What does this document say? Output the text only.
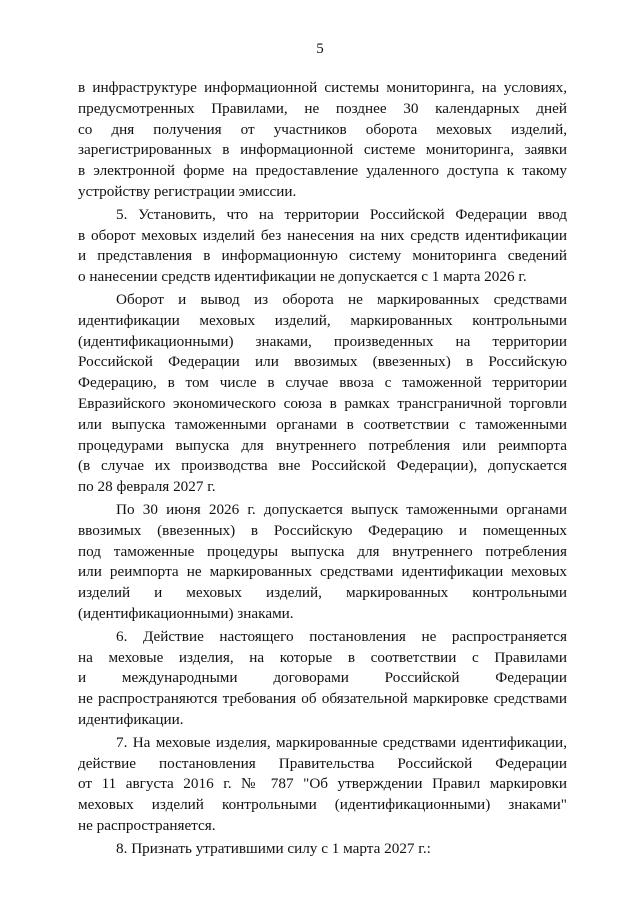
5
в инфраструктуре информационной системы мониторинга, на условиях,
предусмотренных Правилами, не позднее 30 календарных дней
со дня получения от участников оборота меховых изделий,
зарегистрированных в информационной системе мониторинга, заявки
в электронной форме на предоставление удаленного доступа к такому
устройству регистрации эмиссии.
5. Установить, что на территории Российской Федерации ввод
в оборот меховых изделий без нанесения на них средств идентификации
и представления в информационную систему мониторинга сведений
о нанесении средств идентификации не допускается с 1 марта 2026 г.
Оборот и вывод из оборота не маркированных средствами
идентификации меховых изделий, маркированных контрольными
(идентификационными) знаками, произведенных на территории
Российской Федерации или ввозимых (ввезенных) в Российскую
Федерацию, в том числе в случае ввоза с таможенной территории
Евразийского экономического союза в рамках трансграничной торговли
или выпуска таможенными органами в соответствии с таможенными
процедурами выпуска для внутреннего потребления или реимпорта
(в случае их производства вне Российской Федерации), допускается
по 28 февраля 2027 г.
По 30 июня 2026 г. допускается выпуск таможенными органами
ввозимых (ввезенных) в Российскую Федерацию и помещенных
под таможенные процедуры выпуска для внутреннего потребления
или реимпорта не маркированных средствами идентификации меховых
изделий и меховых изделий, маркированных контрольными
(идентификационными) знаками.
6. Действие настоящего постановления не распространяется
на меховые изделия, на которые в соответствии с Правилами
и международными договорами Российской Федерации
не распространяются требования об обязательной маркировке средствами
идентификации.
7. На меховые изделия, маркированные средствами идентификации,
действие постановления Правительства Российской Федерации
от 11 августа 2016 г. № 787 "Об утверждении Правил маркировки
меховых изделий контрольными (идентификационными) знаками"
не распространяется.
8. Признать утратившими силу с 1 марта 2027 г.:
